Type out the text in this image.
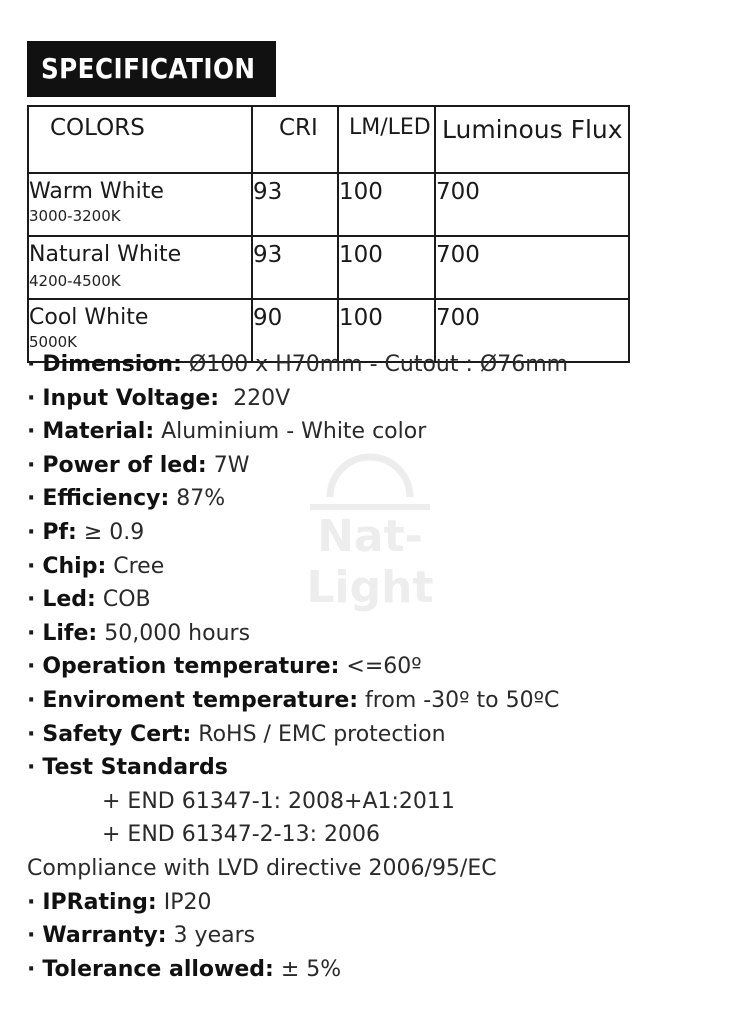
SPECIFICATION
COLORS	CRI	LM/LED	Luminous Flux

Warm White
3000-3200K	93	100	700

Natural White
4200-4500K	93	100	700

Cool White
5000K	90	100	700
Nat-Light
· Dimension: Ø100 x H70mm - Cutout : Ø76mm
· Input Voltage:  220V
· Material: Aluminium - White color
· Power of led: 7W
· Efficiency: 87%
· Pf: ≥ 0.9
· Chip: Cree
· Led: COB
· Life: 50,000 hours
· Operation temperature: <=60º
· Enviroment temperature: from -30º to 50ºC
· Safety Cert: RoHS / EMC protection
· Test Standards
+ END 61347-1: 2008+A1:2011
+ END 61347-2-13: 2006
Compliance with LVD directive 2006/95/EC
· IPRating: IP20
· Warranty: 3 years
· Tolerance allowed: ± 5%
